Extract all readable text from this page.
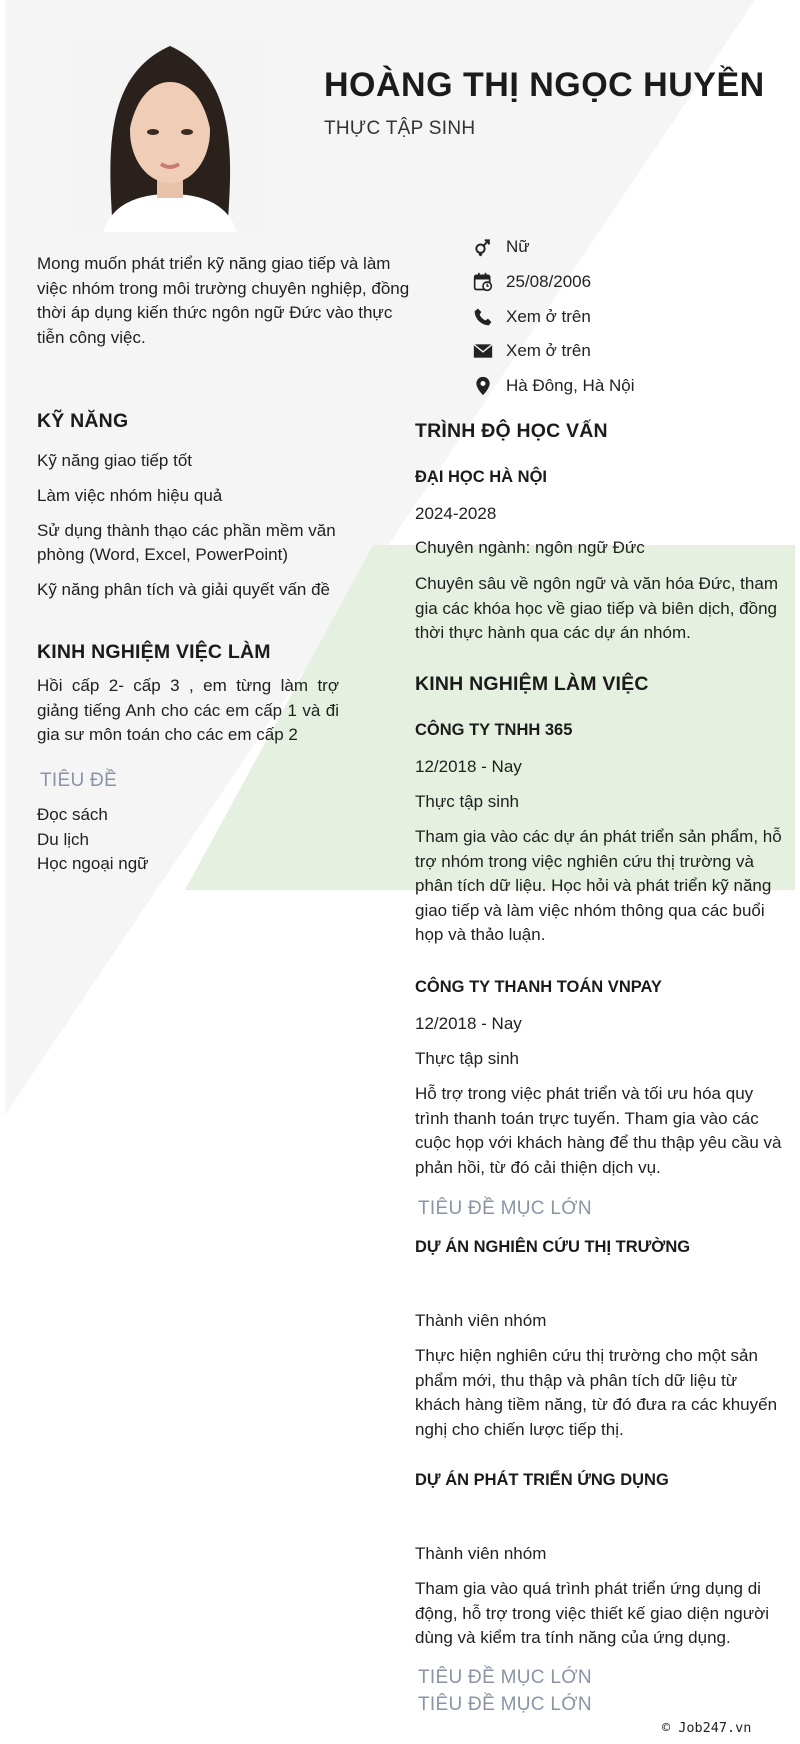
HOÀNG THỊ NGỌC HUYỀN
THỰC TẬP SINH
Nữ
25/08/2006
Xem ở trên
Xem ở trên
Hà Đông, Hà Nội
Mong muốn phát triển kỹ năng giao tiếp và làm việc nhóm trong môi trường chuyên nghiệp, đồng thời áp dụng kiến thức ngôn ngữ Đức vào thực tiễn công việc.
KỸ NĂNG
Kỹ năng giao tiếp tốt
Làm việc nhóm hiệu quả
Sử dụng thành thạo các phần mềm văn phòng (Word, Excel, PowerPoint)
Kỹ năng phân tích và giải quyết vấn đề
KINH NGHIỆM VIỆC LÀM
Hồi cấp 2- cấp 3 , em từng làm trợ giảng tiếng Anh cho các em cấp 1 và đi gia sư môn toán cho các em cấp 2
TIÊU ĐỀ
Đọc sách
Du lịch
Học ngoại ngữ
TRÌNH ĐỘ HỌC VẤN
ĐẠI HỌC HÀ NỘI
2024-2028
Chuyên ngành: ngôn ngữ Đức
Chuyên sâu về ngôn ngữ và văn hóa Đức, tham gia các khóa học về giao tiếp và biên dịch, đồng thời thực hành qua các dự án nhóm.
KINH NGHIỆM LÀM VIỆC
CÔNG TY TNHH 365
12/2018 - Nay
Thực tập sinh
Tham gia vào các dự án phát triển sản phẩm, hỗ trợ nhóm trong việc nghiên cứu thị trường và phân tích dữ liệu. Học hỏi và phát triển kỹ năng giao tiếp và làm việc nhóm thông qua các buổi họp và thảo luận.
CÔNG TY THANH TOÁN VNPAY
12/2018 - Nay
Thực tập sinh
Hỗ trợ trong việc phát triển và tối ưu hóa quy trình thanh toán trực tuyến. Tham gia vào các cuộc họp với khách hàng để thu thập yêu cầu và phản hồi, từ đó cải thiện dịch vụ.
TIÊU ĐỀ MỤC LỚN
DỰ ÁN NGHIÊN CỨU THỊ TRƯỜNG
Thành viên nhóm
Thực hiện nghiên cứu thị trường cho một sản phẩm mới, thu thập và phân tích dữ liệu từ khách hàng tiềm năng, từ đó đưa ra các khuyến nghị cho chiến lược tiếp thị.
DỰ ÁN PHÁT TRIỂN ỨNG DỤNG
Thành viên nhóm
Tham gia vào quá trình phát triển ứng dụng di động, hỗ trợ trong việc thiết kế giao diện người dùng và kiểm tra tính năng của ứng dụng.
TIÊU ĐỀ MỤC LỚN
TIÊU ĐỀ MỤC LỚN
© Job247.vn
